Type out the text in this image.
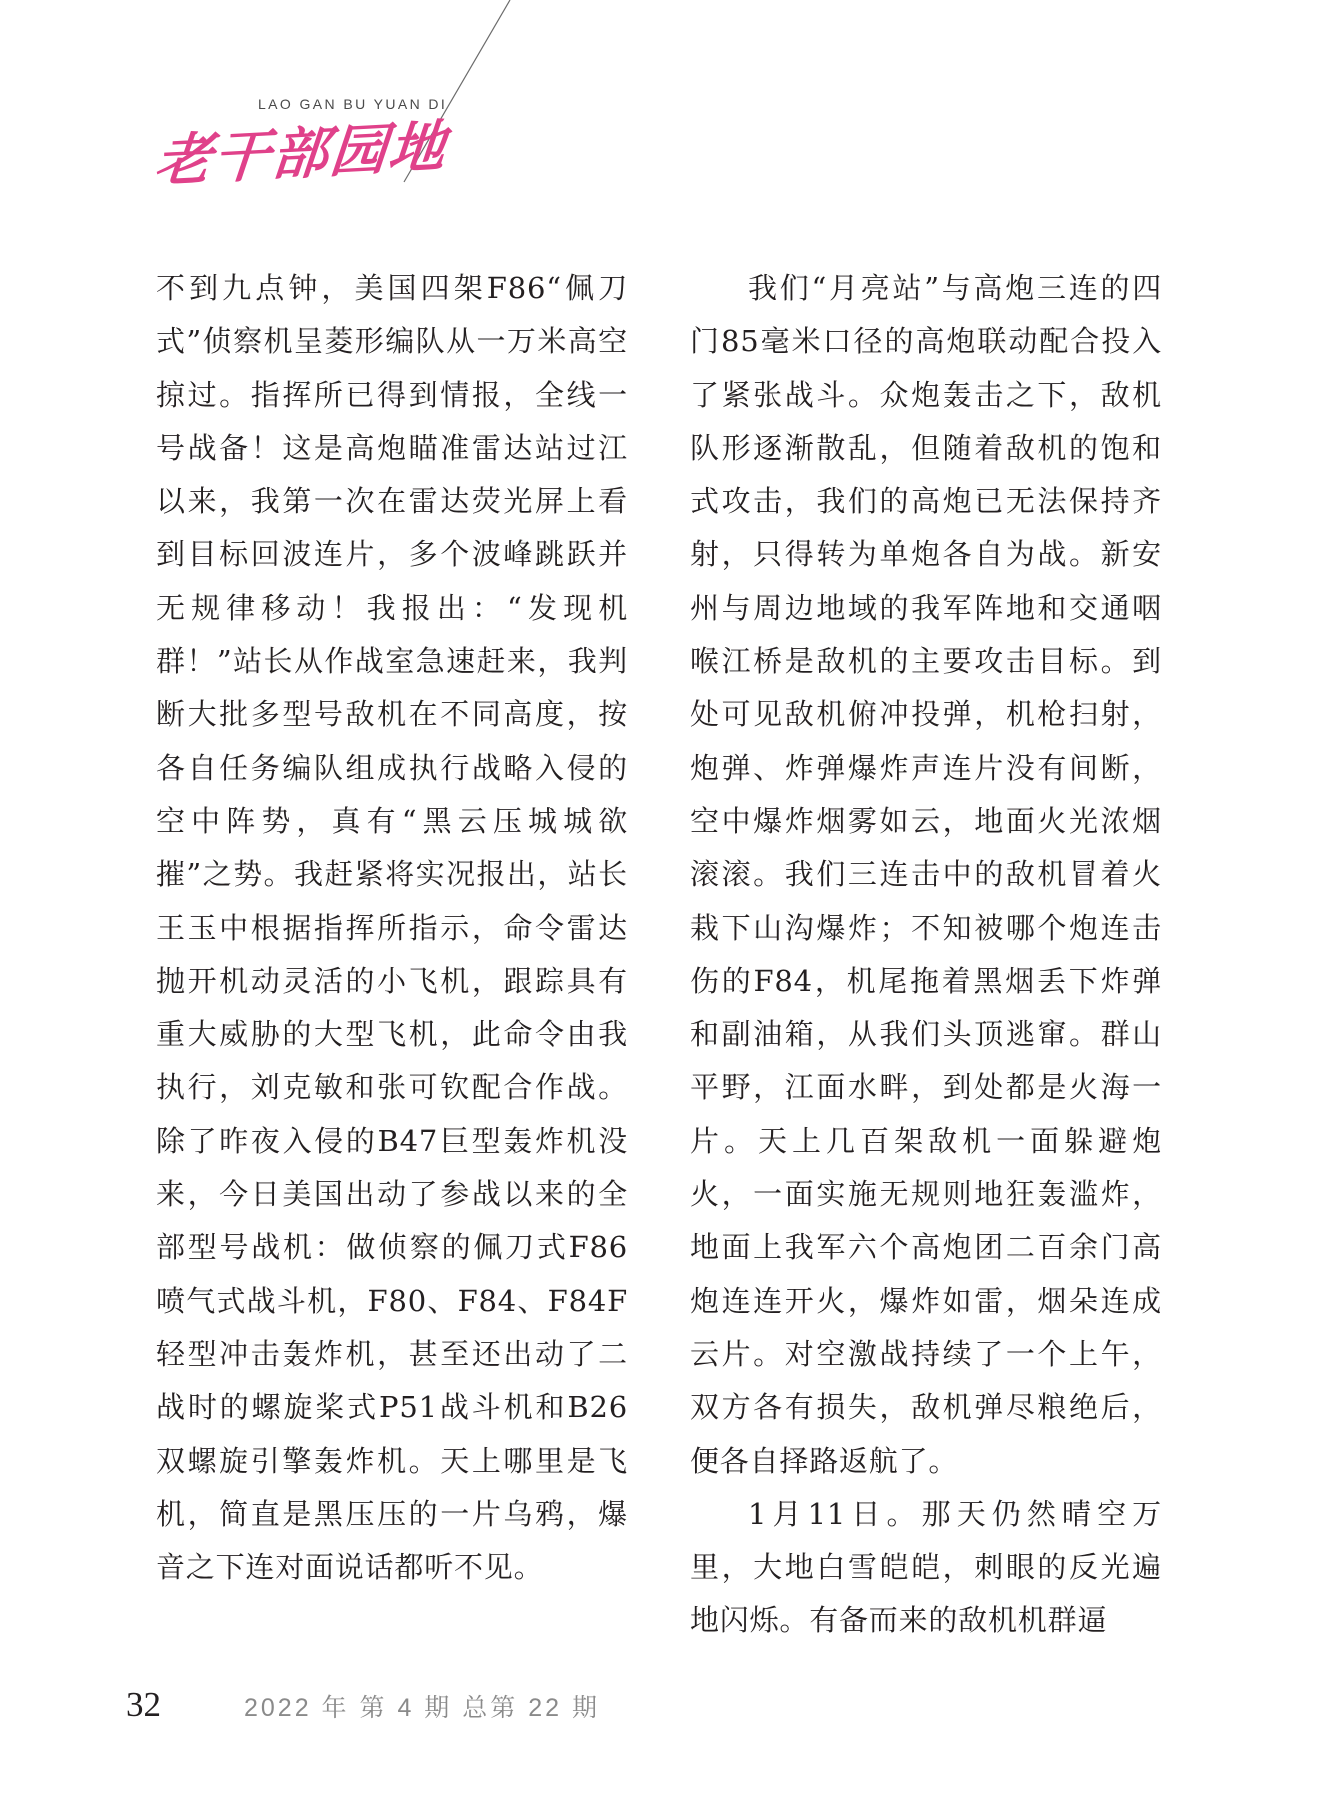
LAO GAN BU YUAN DI
老干部园地

不到九点钟，美国四架F86“佩刀式”侦察机呈菱形编队从一万米高空掠过。指挥所已得到情报，全线一号战备！这是高炮瞄准雷达站过江以来，我第一次在雷达荧光屏上看到目标回波连片，多个波峰跳跃并无规律移动！我报出：“发现机群！”站长从作战室急速赶来，我判断大批多型号敌机在不同高度，按各自任务编队组成执行战略入侵的空中阵势，真有“黑云压城城欲摧”之势。我赶紧将实况报出，站长王玉中根据指挥所指示，命令雷达抛开机动灵活的小飞机，跟踪具有重大威胁的大型飞机，此命令由我执行，刘克敏和张可钦配合作战。除了昨夜入侵的B47巨型轰炸机没来，今日美国出动了参战以来的全部型号战机：做侦察的佩刀式F86喷气式战斗机，F80、F84、F84F轻型冲击轰炸机，甚至还出动了二战时的螺旋桨式P51战斗机和B26双螺旋引擎轰炸机。天上哪里是飞机，简直是黑压压的一片乌鸦，爆音之下连对面说话都听不见。

我们“月亮站”与高炮三连的四门85毫米口径的高炮联动配合投入了紧张战斗。众炮轰击之下，敌机队形逐渐散乱，但随着敌机的饱和式攻击，我们的高炮已无法保持齐射，只得转为单炮各自为战。新安州与周边地域的我军阵地和交通咽喉江桥是敌机的主要攻击目标。到处可见敌机俯冲投弹，机枪扫射，炮弹、炸弹爆炸声连片没有间断，空中爆炸烟雾如云，地面火光浓烟滚滚。我们三连击中的敌机冒着火栽下山沟爆炸；不知被哪个炮连击伤的F84，机尾拖着黑烟丢下炸弹和副油箱，从我们头顶逃窜。群山平野，江面水畔，到处都是火海一片。天上几百架敌机一面躲避炮火，一面实施无规则地狂轰滥炸，地面上我军六个高炮团二百余门高炮连连开火，爆炸如雷，烟朵连成云片。对空激战持续了一个上午，双方各有损失，敌机弹尽粮绝后，便各自择路返航了。

1月11日。那天仍然晴空万里，大地白雪皑皑，刺眼的反光遍地闪烁。有备而来的敌机机群逼

32	2022 年 第 4 期 总第 22 期
